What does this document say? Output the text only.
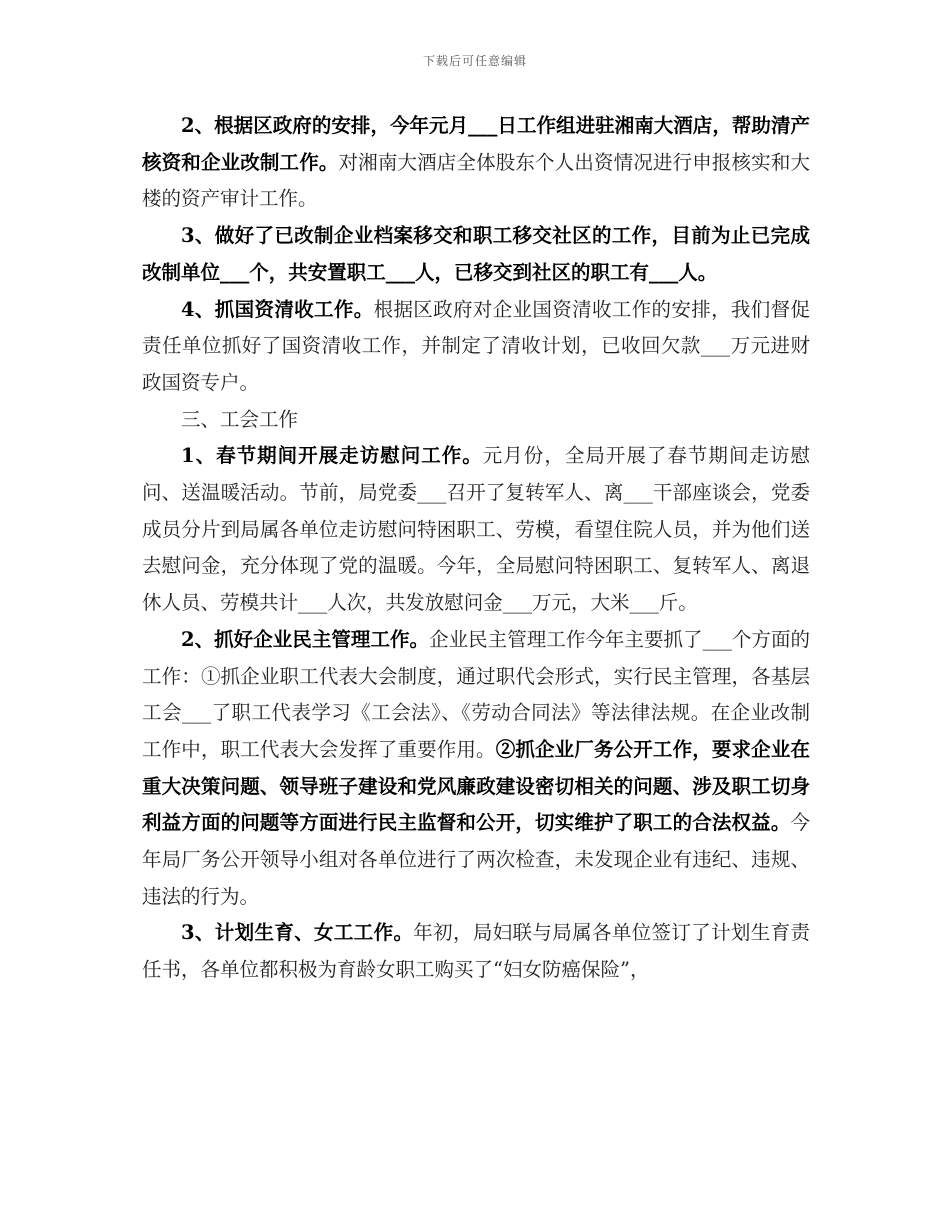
下载后可任意编辑

2、根据区政府的安排，今年元月___日工作组进驻湘南大酒店，帮助清产核资和企业改制工作。对湘南大酒店全体股东个人出资情况进行申报核实和大楼的资产审计工作。

3、做好了已改制企业档案移交和职工移交社区的工作，目前为止已完成改制单位___个，共安置职工___人，已移交到社区的职工有___人。

4、抓国资清收工作。根据区政府对企业国资清收工作的安排，我们督促责任单位抓好了国资清收工作，并制定了清收计划，已收回欠款___万元进财政国资专户。

三、工会工作

1、春节期间开展走访慰问工作。元月份，全局开展了春节期间走访慰问、送温暖活动。节前，局党委___召开了复转军人、离___干部座谈会，党委成员分片到局属各单位走访慰问特困职工、劳模，看望住院人员，并为他们送去慰问金，充分体现了党的温暖。今年，全局慰问特困职工、复转军人、离退休人员、劳模共计___人次，共发放慰问金___万元，大米___斤。

2、抓好企业民主管理工作。企业民主管理工作今年主要抓了___个方面的工作：①抓企业职工代表大会制度，通过职代会形式，实行民主管理，各基层工会___了职工代表学习《工会法》、《劳动合同法》等法律法规。在企业改制工作中，职工代表大会发挥了重要作用。②抓企业厂务公开工作，要求企业在重大决策问题、领导班子建设和党风廉政建设密切相关的问题、涉及职工切身利益方面的问题等方面进行民主监督和公开，切实维护了职工的合法权益。今年局厂务公开领导小组对各单位进行了两次检查，未发现企业有违纪、违规、违法的行为。

3、计划生育、女工工作。年初，局妇联与局属各单位签订了计划生育责任书，各单位都积极为育龄女职工购买了“妇女防癌保险”，
